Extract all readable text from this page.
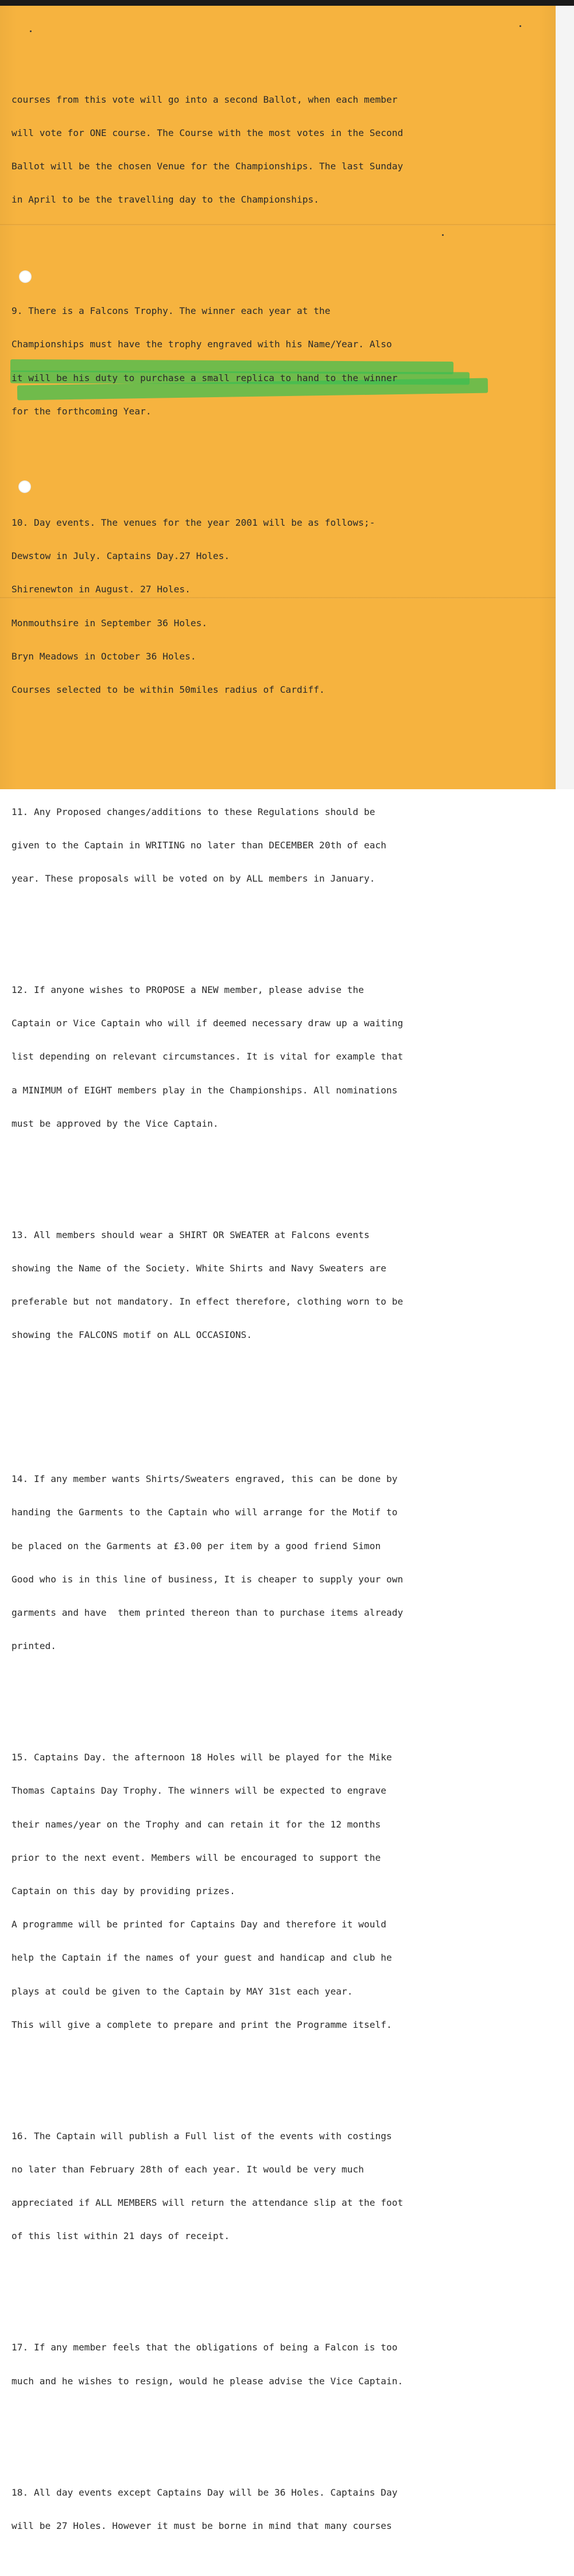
courses from this vote will go into a second Ballot, when each member

will vote for ONE course. The Course with the most votes in the Second

Ballot will be the chosen Venue for the Championships. The last Sunday

in April to be the travelling day to the Championships.

9. There is a Falcons Trophy. The winner each year at the

Championships must have the trophy engraved with his Name/Year. Also

it will be his duty to purchase a small replica to hand to the winner

for the forthcoming Year.

10. Day events. The venues for the year 2001 will be as follows;-

Dewstow in July. Captains Day.27 Holes.

Shirenewton in August. 27 Holes.

Monmouthsire in September 36 Holes.

Bryn Meadows in October 36 Holes.

Courses selected to be within 50miles radius of Cardiff.

11. Any Proposed changes/additions to these Regulations should be

given to the Captain in WRITING no later than DECEMBER 20th of each

year. These proposals will be voted on by ALL members in January.

12. If anyone wishes to PROPOSE a NEW member, please advise the

Captain or Vice Captain who will if deemed necessary draw up a waiting

list depending on relevant circumstances. It is vital for example that

a MINIMUM of EIGHT members play in the Championships. All nominations

must be approved by the Vice Captain.

13. All members should wear a SHIRT OR SWEATER at Falcons events

showing the Name of the Society. White Shirts and Navy Sweaters are

preferable but not mandatory. In effect therefore, clothing worn to be

showing the FALCONS motif on ALL OCCASIONS.

14. If any member wants Shirts/Sweaters engraved, this can be done by

handing the Garments to the Captain who will arrange for the Motif to

be placed on the Garments at £3.00 per item by a good friend Simon

Good who is in this line of business, It is cheaper to supply your own

garments and have  them printed thereon than to purchase items already

printed.

15. Captains Day. the afternoon 18 Holes will be played for the Mike

Thomas Captains Day Trophy. The winners will be expected to engrave

their names/year on the Trophy and can retain it for the 12 months

prior to the next event. Members will be encouraged to support the

Captain on this day by providing prizes.

A programme will be printed for Captains Day and therefore it would

help the Captain if the names of your guest and handicap and club he

plays at could be given to the Captain by MAY 31st each year.

This will give a complete to prepare and print the Programme itself.

16. The Captain will publish a Full list of the events with costings

no later than February 28th of each year. It would be very much

appreciated if ALL MEMBERS will return the attendance slip at the foot

of this list within 21 days of receipt.

17. If any member feels that the obligations of being a Falcon is too

much and he wishes to resign, would he please advise the Vice Captain.

18. All day events except Captains Day will be 36 Holes. Captains Day

will be 27 Holes. However it must be borne in mind that many courses
